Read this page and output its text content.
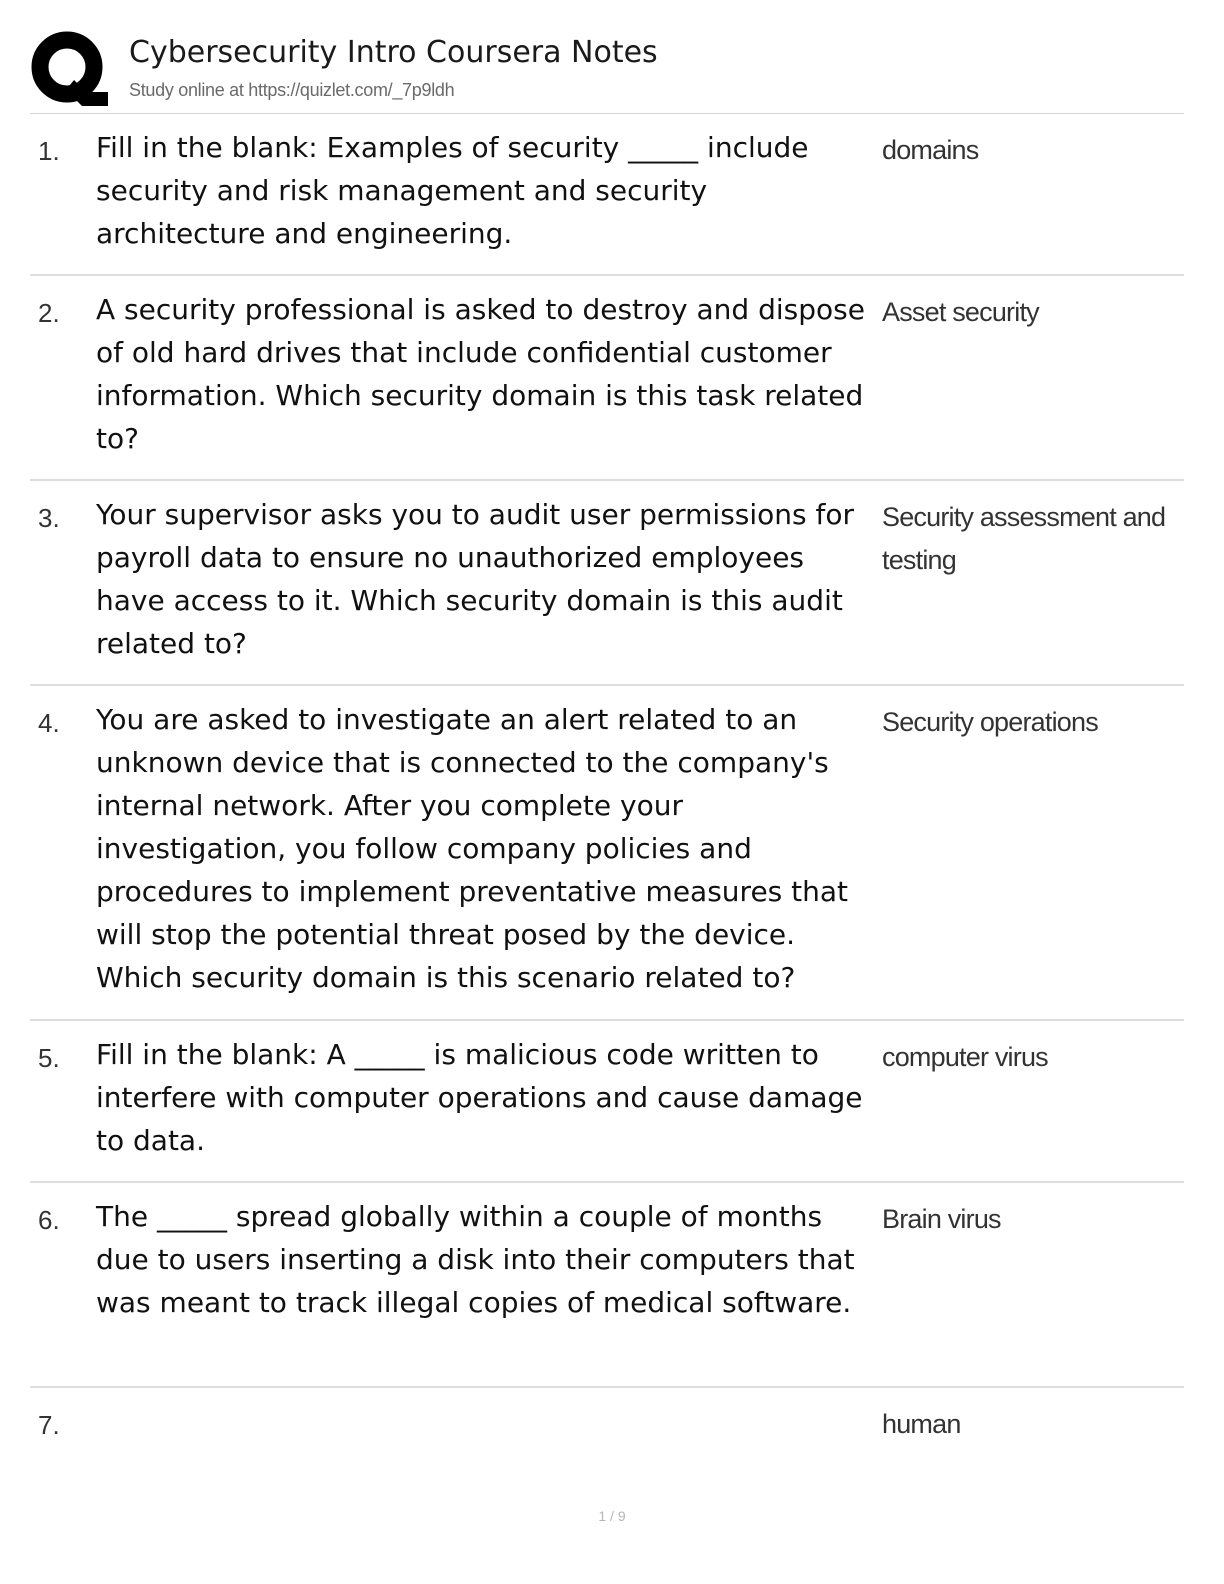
Cybersecurity Intro Coursera Notes
Study online at https://quizlet.com/_7p9ldh
1. Fill in the blank: Examples of security _____ include security and risk management and security architecture and engineering.
domains
2. A security professional is asked to destroy and dispose of old hard drives that include confidential customer information. Which security domain is this task related to?
Asset security
3. Your supervisor asks you to audit user permissions for payroll data to ensure no unauthorized employees have access to it. Which security domain is this audit related to?
Security assessment and testing
4. You are asked to investigate an alert related to an unknown device that is connected to the company's internal network. After you complete your investigation, you follow company policies and procedures to implement preventative measures that will stop the potential threat posed by the device. Which security domain is this scenario related to?
Security operations
5. Fill in the blank: A _____ is malicious code written to interfere with computer operations and cause damage to data.
computer virus
6. The _____ spread globally within a couple of months due to users inserting a disk into their computers that was meant to track illegal copies of medical software.
Brain virus
7.	human
1 / 9
